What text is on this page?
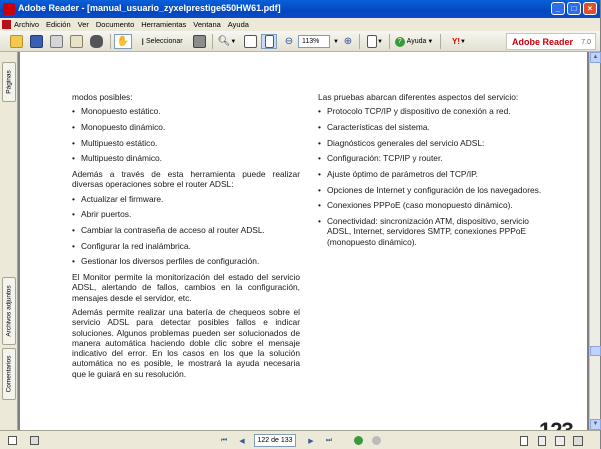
Adobe Reader - [manual_usuario_zyxelprestige650HW61.pdf]	_	□	×
Archivo Edición Ver Documento Herramientas Ventana Ayuda
✋ I Seleccionar	🔍︎ ▼	⊖	113%	▼ ⊕	▼	? Ayuda ▼ Y! ▼	Adobe Reader 7.0
Páginas
Archivos adjuntos
Comentarios

modos posibles:

• Monopuesto estático.
• Monopuesto dinámico.
• Multipuesto estático.
• Multipuesto dinámico.

Además a través de esta herramienta puede realizar diversas operaciones sobre el router ADSL:

• Actualizar el firmware.
• Abrir puertos.
• Cambiar la contraseña de acceso al router ADSL.
• Configurar la red inalámbrica.
• Gestionar los diversos perfiles de configuración.

El Monitor permite la monitorización del estado del servicio ADSL, alertando de fallos, cambios en la configuración, mensajes desde el servidor, etc.

Además permite realizar una batería de chequeos sobre el servicio ADSL para detectar posibles fallos e indicar soluciones. Algunos problemas pueden ser solucionados de manera automática haciendo doble clic sobre el mensaje indicativo del error. En los casos en los que la solución automática no es posible, le mostrará la ayuda necesaria que le guiará en su resolución.

Las pruebas abarcan diferentes aspectos del servicio:

• Protocolo TCP/IP y dispositivo de conexión a red.
• Características del sistema.
• Diagnósticos generales del servicio ADSL:
• Configuración: TCP/IP y router.
• Ajuste óptimo de parámetros del TCP/IP.
• Opciones de Internet y configuración de los navegadores.
• Conexiones PPPoE (caso monopuesto dinámico).
• Conectividad: sincronización ATM, dispositivo, servicio ADSL, Internet, servidores SMTP, conexiones PPPoE (monopuesto dinámico).
▲
▼
⏮ ◀	122 de 133	▶ ⏭
